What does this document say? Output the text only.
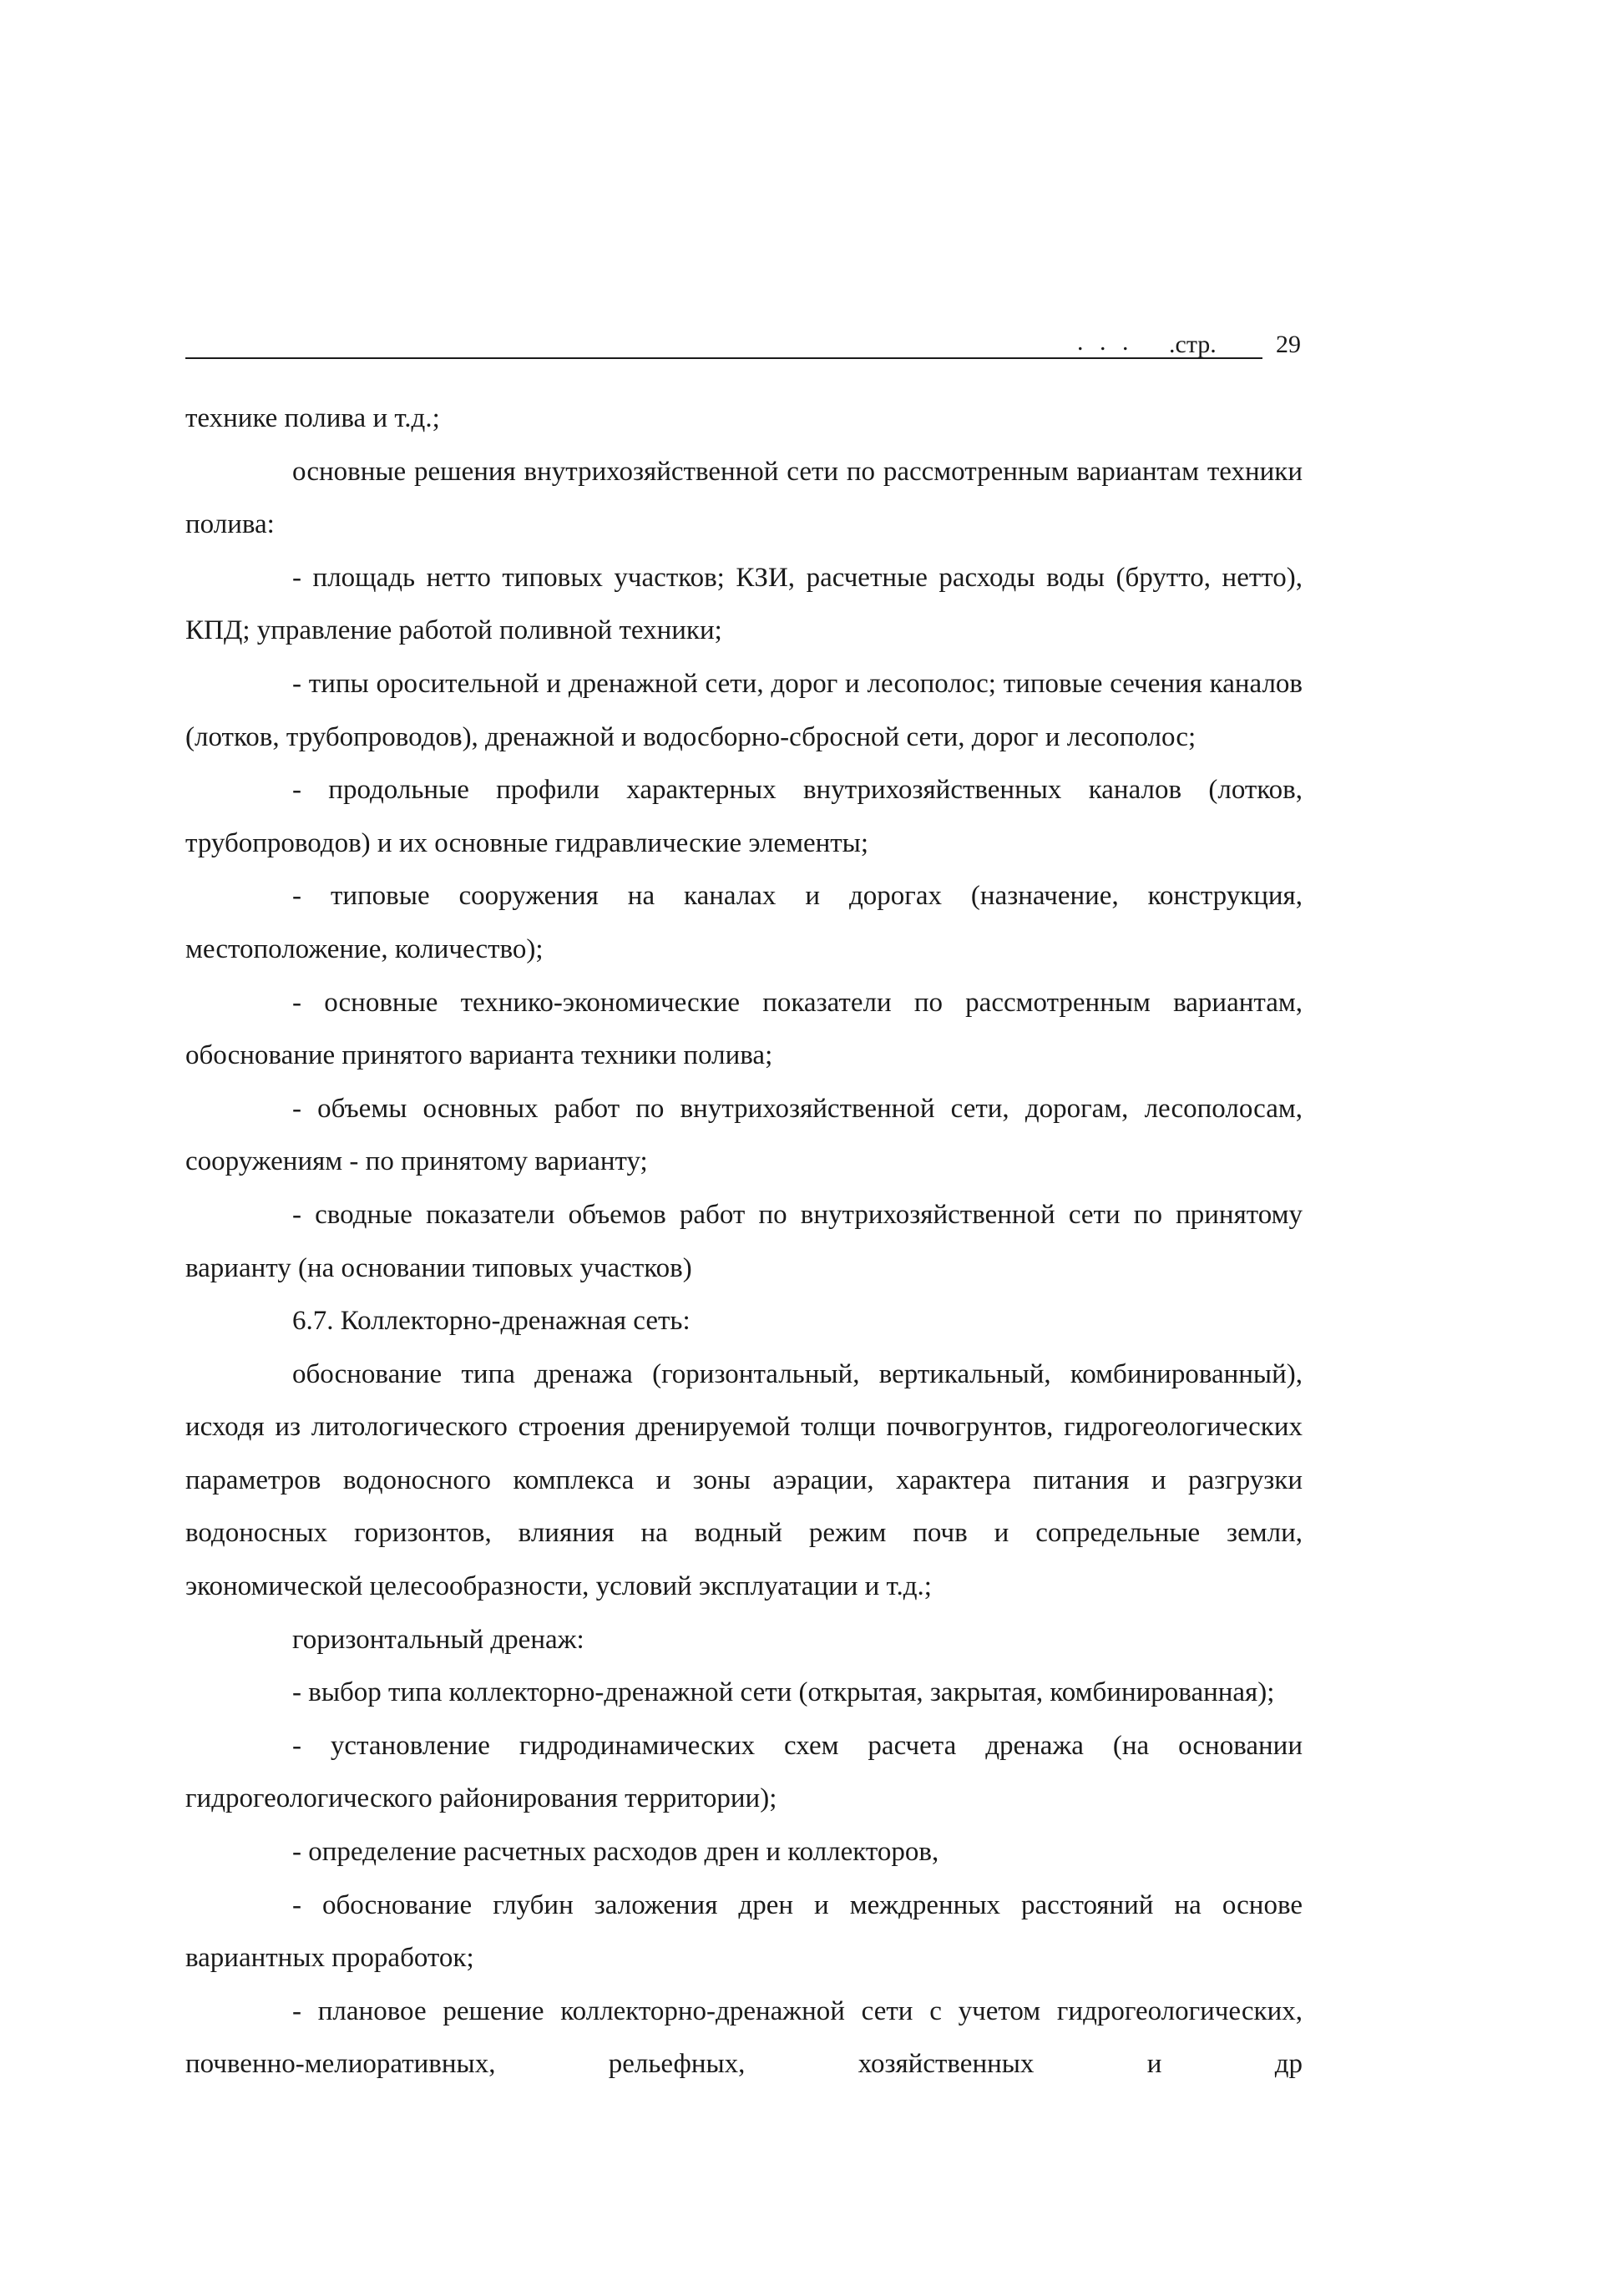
. . . .стр. 29

технике полива и т.д.;

основные решения внутрихозяйственной сети по рассмотренным вариантам техники полива:

- площадь нетто типовых участков; КЗИ, расчетные расходы воды (брутто, нетто), КПД; управление работой поливной техники;

- типы оросительной и дренажной сети, дорог и лесополос; типовые сечения каналов (лотков, трубопроводов), дренажной и водосборно-сбросной сети, дорог и лесополос;

- продольные профили характерных внутрихозяйственных каналов (лотков, трубопроводов) и их основные гидравлические элементы;

- типовые сооружения на каналах и дорогах (назначение, конструкция, местоположение, количество);

- основные технико-экономические показатели по рассмотренным вариантам, обоснование принятого варианта техники полива;

- объемы основных работ по внутрихозяйственной сети, дорогам, лесополосам, сооружениям - по принятому варианту;

- сводные показатели объемов работ по внутрихозяйственной сети по принятому варианту (на основании типовых участков)

6.7. Коллекторно-дренажная сеть:

обоснование типа дренажа (горизонтальный, вертикальный, комбинированный), исходя из литологического строения дренируемой толщи почвогрунтов, гидрогеологических параметров водоносного комплекса и зоны аэрации, характера питания и разгрузки водоносных горизонтов, влияния на водный режим почв и сопредельные земли, экономической целесообразности, условий эксплуатации и т.д.;

горизонтальный дренаж:

- выбор типа коллекторно-дренажной сети (открытая, закрытая, комбинированная);

- установление гидродинамических схем расчета дренажа (на основании гидрогеологического районирования территории);

- определение расчетных расходов дрен и коллекторов,

- обоснование глубин заложения дрен и междренных расстояний на основе вариантных проработок;

- плановое решение коллекторно-дренажной сети с учетом гидрогеологических, почвенно-мелиоративных, рельефных, хозяйственных и др
